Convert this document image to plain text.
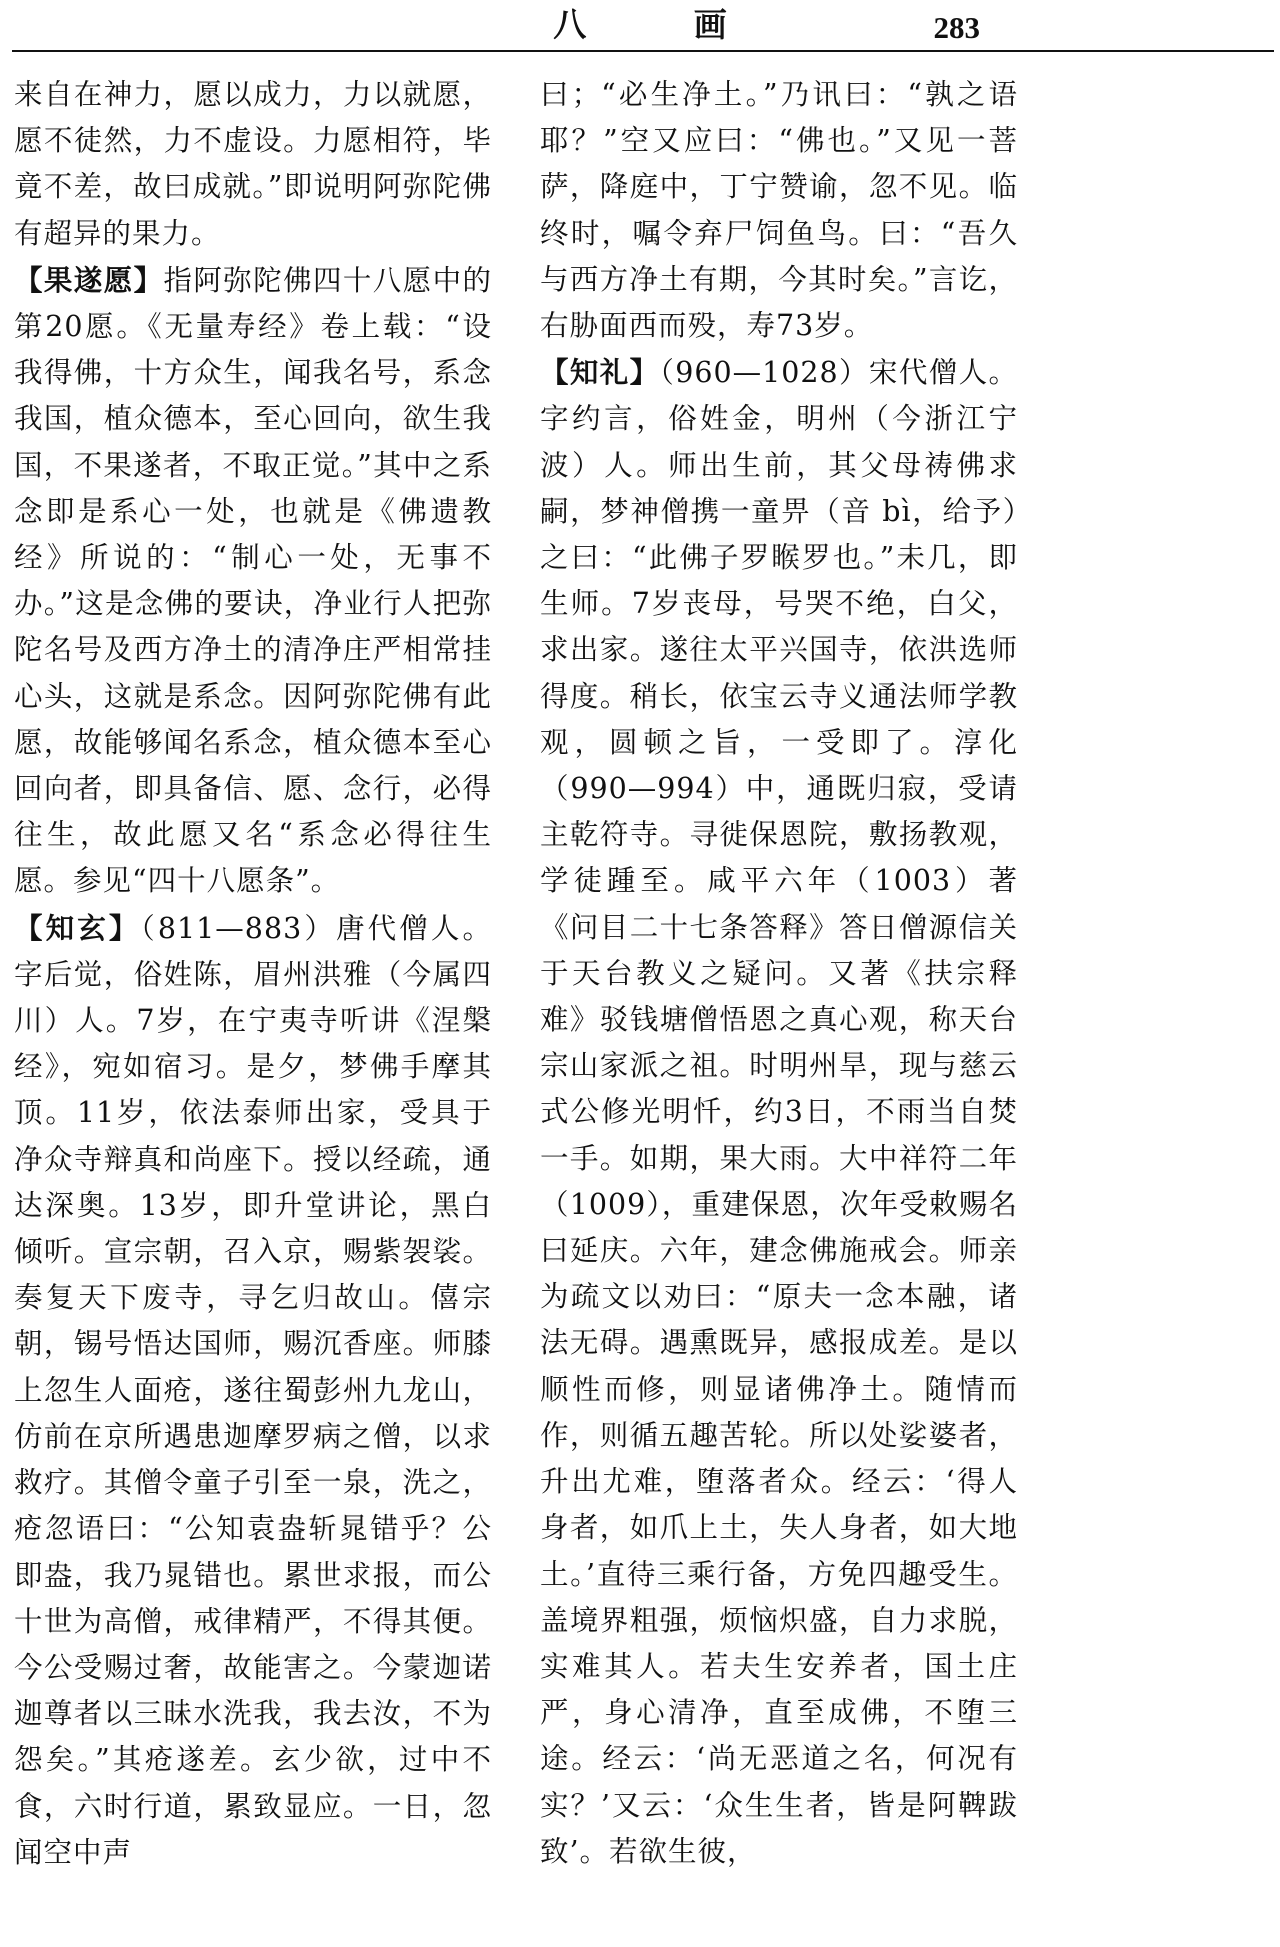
八 画	283

来自在神力，愿以成力，力以就愿，愿不徒然，力不虚设。力愿相符，毕竟不差，故曰成就。”即说明阿弥陀佛有超异的果力。

【果遂愿】指阿弥陀佛四十八愿中的第20愿。《无量寿经》卷上载：“设我得佛，十方众生，闻我名号，系念我国，植众德本，至心回向，欲生我国，不果遂者，不取正觉。”其中之系念即是系心一处，也就是《佛遗教经》所说的：“制心一处，无事不办。”这是念佛的要诀，净业行人把弥陀名号及西方净土的清净庄严相常挂心头，这就是系念。因阿弥陀佛有此愿，故能够闻名系念，植众德本至心回向者，即具备信、愿、念行，必得往生，故此愿又名“系念必得往生愿。参见“四十八愿条”。

【知玄】（811—883）唐代僧人。字后觉，俗姓陈，眉州洪雅（今属四川）人。7岁，在宁夷寺听讲《涅槃经》，宛如宿习。是夕，梦佛手摩其顶。11岁，依法泰师出家，受具于净众寺辩真和尚座下。授以经疏，通达深奥。13岁，即升堂讲论，黑白倾听。宣宗朝，召入京，赐紫袈裟。奏复天下废寺，寻乞归故山。僖宗朝，锡号悟达国师，赐沉香座。师膝上忽生人面疮，遂往蜀彭州九龙山，仿前在京所遇患迦摩罗病之僧，以求救疗。其僧令童子引至一泉，洗之，疮忽语曰：“公知袁盎斩晁错乎？公即盎，我乃晁错也。累世求报，而公十世为高僧，戒律精严，不得其便。今公受赐过奢，故能害之。今蒙迦诺迦尊者以三昧水洗我，我去汝，不为怨矣。”其疮遂差。玄少欲，过中不食，六时行道，累致显应。一日，忽闻空中声

曰；“必生净土。”乃讯曰：“孰之语耶？”空又应曰：“佛也。”又见一菩萨，降庭中，丁宁赞谕，忽不见。临终时，嘱令弃尸饲鱼鸟。曰：“吾久与西方净土有期，今其时矣。”言讫，右胁面西而殁，寿73岁。

【知礼】（960—1028）宋代僧人。字约言，俗姓金，明州（今浙江宁波）人。师出生前，其父母祷佛求嗣，梦神僧携一童畀（音 bì，给予）之曰：“此佛子罗睺罗也。”未几，即生师。7岁丧母，号哭不绝，白父，求出家。遂往太平兴国寺，依洪选师得度。稍长，依宝云寺义通法师学教观，圆顿之旨，一受即了。淳化（990—994）中，通既归寂，受请主乾符寺。寻徙保恩院，敷扬教观，学徒踵至。咸平六年（1003）著《问目二十七条答释》答日僧源信关于天台教义之疑问。又著《扶宗释难》驳钱塘僧悟恩之真心观，称天台宗山家派之祖。时明州旱，现与慈云式公修光明忏，约3日，不雨当自焚一手。如期，果大雨。大中祥符二年（1009），重建保恩，次年受敕赐名曰延庆。六年，建念佛施戒会。师亲为疏文以劝曰：“原夫一念本融，诸法无碍。遇熏既异，感报成差。是以顺性而修，则显诸佛净土。随情而作，则循五趣苦轮。所以处娑婆者，升出尤难，堕落者众。经云：‘得人身者，如爪上土，失人身者，如大地土。’直待三乘行备，方免四趣受生。盖境界粗强，烦恼炽盛，自力求脱，实难其人。若夫生安养者，国土庄严，身心清净，直至成佛，不堕三途。经云：‘尚无恶道之名，何况有实？’又云：‘众生生者，皆是阿鞞跋致’。若欲生彼，
